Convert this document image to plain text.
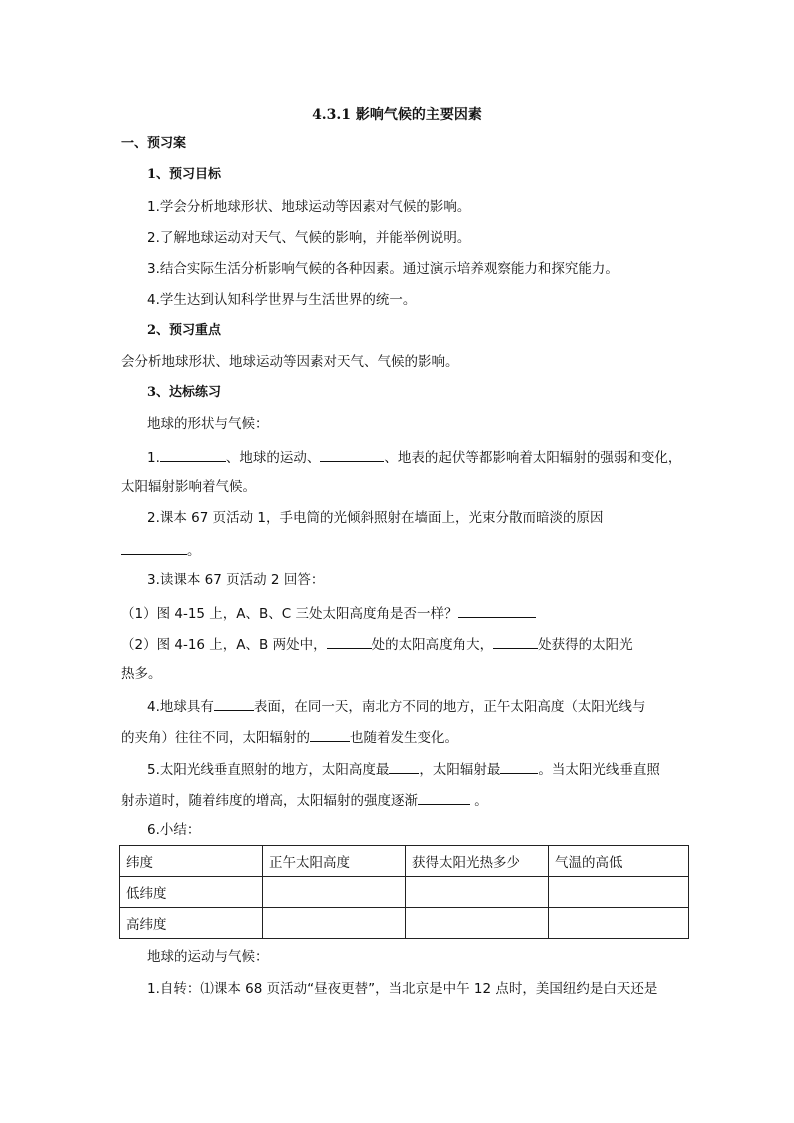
4.3.1 影响气候的主要因素
一、预习案
1、预习目标
1.学会分析地球形状、地球运动等因素对气候的影响。
2.了解地球运动对天气、气候的影响，并能举例说明。
3.结合实际生活分析影响气候的各种因素。通过演示培养观察能力和探究能力。
4.学生达到认知科学世界与生活世界的统一。
2、预习重点
会分析地球形状、地球运动等因素对天气、气候的影响。
3、达标练习
地球的形状与气候：
1.	、地球的运动、	、地表的起伏等都影响着太阳辐射的强弱和变化，
太阳辐射影响着气候。
2.课本 67 页活动 1，手电筒的光倾斜照射在墙面上，光束分散而暗淡的原因
。
3.读课本 67 页活动 2 回答：
（1）图 4-15 上，A、B、C 三处太阳高度角是否一样？
（2）图 4-16 上，A、B 两处中，	处的太阳高度角大，	处获得的太阳光
热多。
4.地球具有	表面，在同一天，南北方不同的地方，正午太阳高度（太阳光线与
的夹角）往往不同，太阳辐射的	也随着发生变化。
5.太阳光线垂直照射的地方，太阳高度最 ，太阳辐射最	。当太阳光线垂直照
射赤道时，随着纬度的增高，太阳辐射的强度逐渐	。
6.小结：
纬度	正午太阳高度	获得太阳光热多少	气温的高低
低纬度			
高纬度			
地球的运动与气候：
1.自转：⑴课本 68 页活动“昼夜更替”，当北京是中午 12 点时，美国纽约是白天还是
